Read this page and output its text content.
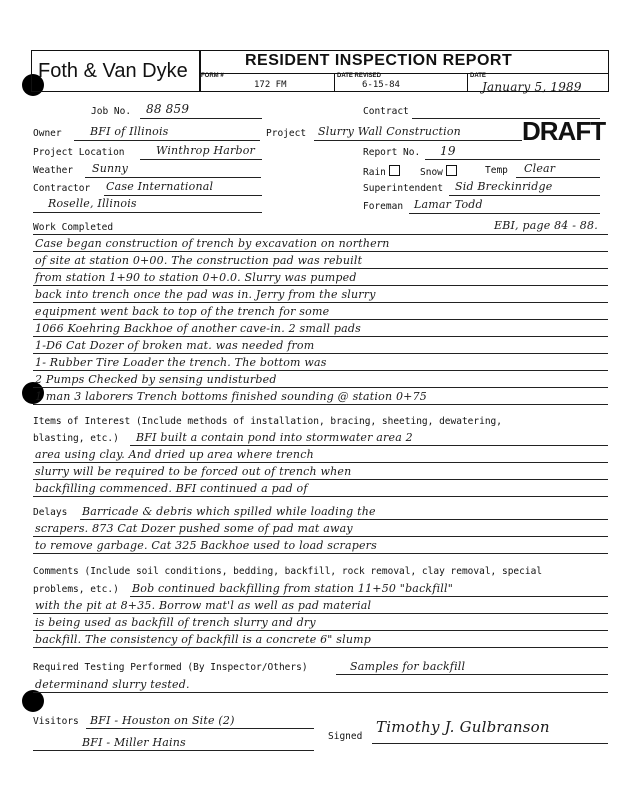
Foth & Van Dyke	RESIDENT INSPECTION REPORT
FORM #
172 FM
DATE REVISED
6-15-84
DATE
January 5, 1989
Job No. 88 859	Contract
Owner	BFI of Illinois	Project Slurry Wall Construction DRAFT
Project Location	Winthrop Harbor	Report No. 19
Weather Sunny	Rain	Snow	Temp Clear
Contractor Case International
Roselle, Illinois
Superintendent Sid Breckinridge
Foreman Lamar Todd
Work Completed	EBI, page 84 - 88.
Case began construction of trench by excavation on northern
of site at station 0+00. The construction pad was rebuilt
from station 1+90 to station 0+0.0. Slurry was pumped
back into trench once the pad was in. Jerry from the slurry
equipment went back to top of the trench for some
1066 Koehring Backhoe of another cave-in. 2 small pads
1-D6 Cat Dozer of broken mat. was needed from
1- Rubber Tire Loader the trench. The bottom was
2 Pumps Checked by sensing undisturbed
1 man 3 laborers Trench bottoms finished sounding @ station 0+75
Items of Interest (Include methods of installation, bracing, sheeting, dewatering,
blasting, etc.) BFI built a contain pond into stormwater area 2
area using clay. And dried up area where trench
slurry will be required to be forced out of trench when
backfilling commenced. BFI continued a pad of
Delays Barricade & debris which spilled while loading the
scrapers. 873 Cat Dozer pushed some of pad mat away
to remove garbage. Cat 325 Backhoe used to load scrapers
Comments (Include soil conditions, bedding, backfill, rock removal, clay removal, special
problems, etc.) Bob continued backfilling from station 11+50 "backfill"
with the pit at 8+35. Borrow mat'l as well as pad material
is being used as backfill of trench slurry and dry
backfill. The consistency of backfill is a concrete 6" slump
Required Testing Performed (By Inspector/Others)	Samples for backfill
determinand slurry tested.
Visitors BFI - Houston on Site (2)
BFI - Miller Hains	Signed
Timothy J. Gulbranson
